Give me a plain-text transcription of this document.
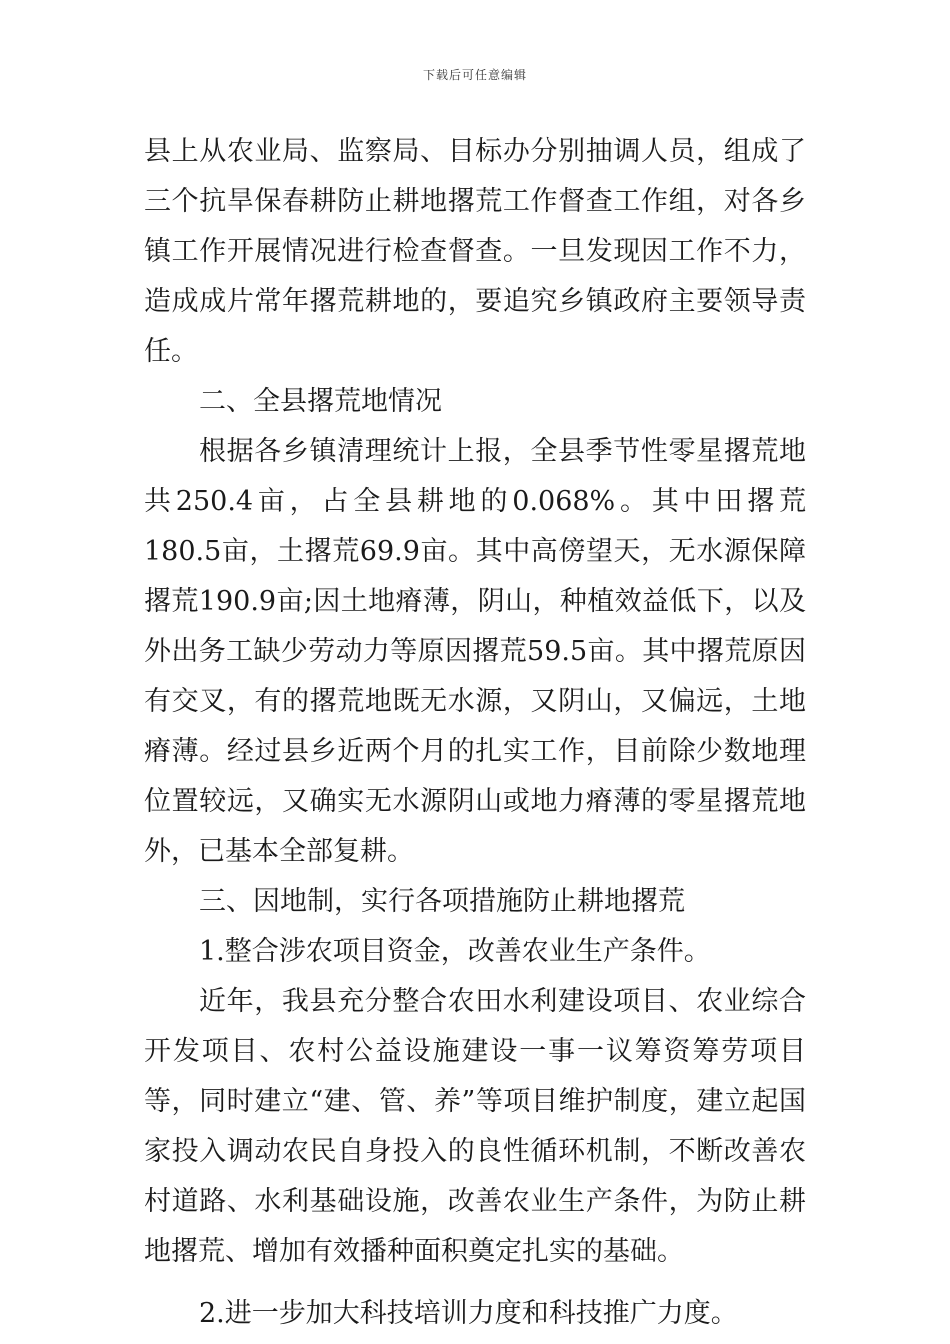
下载后可任意编辑

县上从农业局、监察局、目标办分别抽调人员，组成了三个抗旱保春耕防止耕地撂荒工作督查工作组，对各乡镇工作开展情况进行检查督查。一旦发现因工作不力，造成成片常年撂荒耕地的，要追究乡镇政府主要领导责任。

二、全县撂荒地情况

根据各乡镇清理统计上报，全县季节性零星撂荒地共250.4亩，占全县耕地的0.068%。其中田撂荒180.5亩，土撂荒69.9亩。其中高傍望天，无水源保障撂荒190.9亩;因土地瘠薄，阴山，种植效益低下，以及外出务工缺少劳动力等原因撂荒59.5亩。其中撂荒原因有交叉，有的撂荒地既无水源，又阴山，又偏远，土地瘠薄。经过县乡近两个月的扎实工作，目前除少数地理位置较远，又确实无水源阴山或地力瘠薄的零星撂荒地外，已基本全部复耕。

三、因地制，实行各项措施防止耕地撂荒

1.整合涉农项目资金，改善农业生产条件。

近年，我县充分整合农田水利建设项目、农业综合开发项目、农村公益设施建设一事一议筹资筹劳项目等，同时建立“建、管、养”等项目维护制度，建立起国家投入调动农民自身投入的良性循环机制，不断改善农村道路、水利基础设施，改善农业生产条件，为防止耕地撂荒、增加有效播种面积奠定扎实的基础。

2.进一步加大科技培训力度和科技推广力度。
